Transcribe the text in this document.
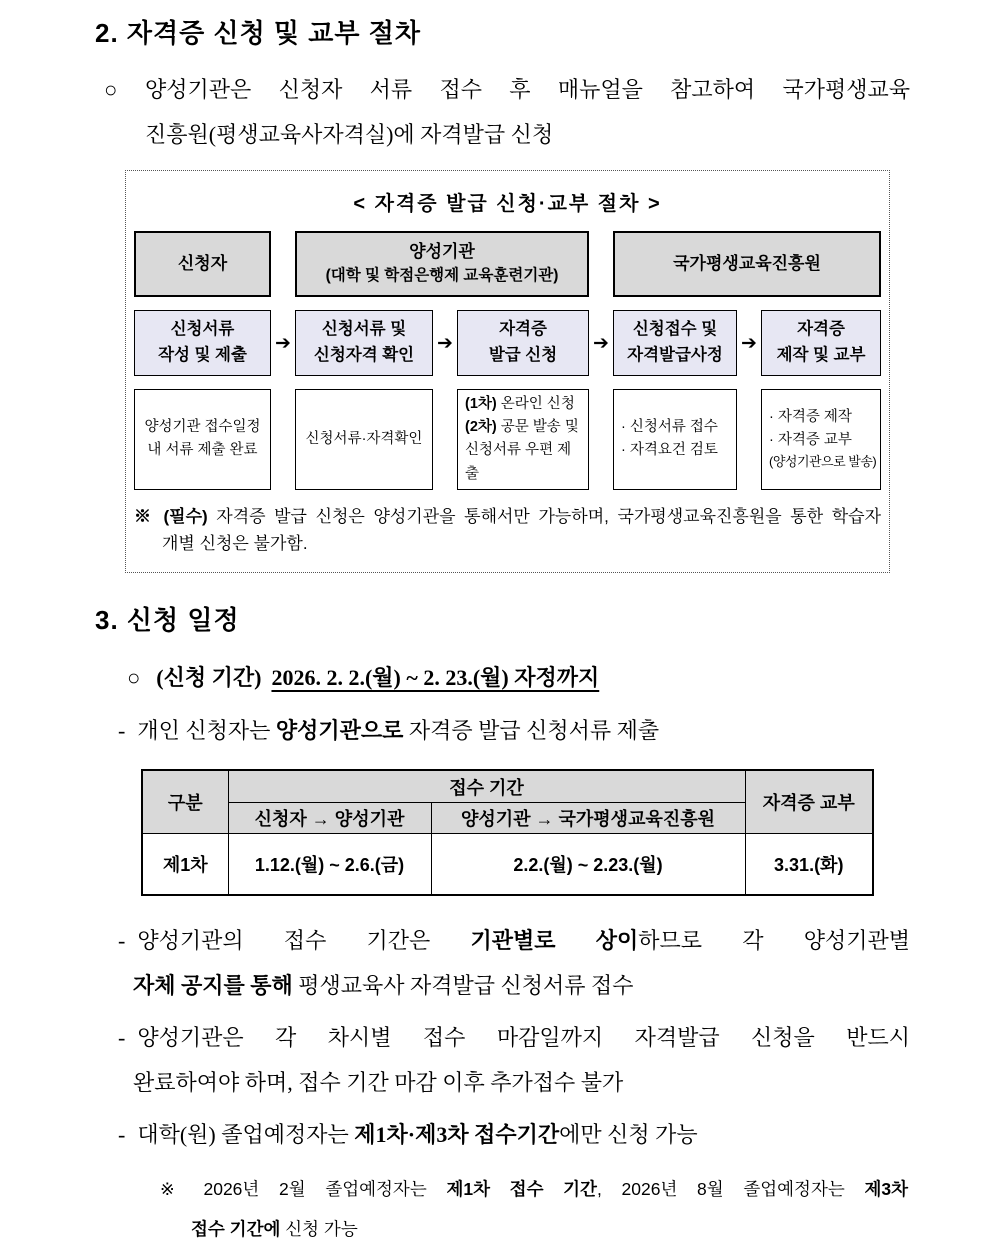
2. 자격증 신청 및 교부 절차
○	양성기관은 신청자 서류 접수 후 매뉴얼을 참고하여 국가평생교육
진흥원(평생교육사자격실)에 자격발급 신청
< 자격증 발급 신청·교부 절차 >
신청자
양성기관
(대학 및 학점은행제 교육훈련기관)
국가평생교육진흥원
신청서류
작성 및 제출
➔
신청서류 및
신청자격 확인
➔
자격증
발급 신청
➔
신청접수 및
자격발급사정
➔
자격증
제작 및 교부
양성기관 접수일정
내 서류 제출 완료
신청서류·자격확인
(1차) 온라인 신청
(2차) 공문 발송 및
신청서류 우편 제출
· 신청서류 접수
· 자격요건 검토
· 자격증 제작
· 자격증 교부
(양성기관으로 발송)
※ (필수) 자격증 발급 신청은 양성기관을 통해서만 가능하며, 국가평생교육진흥원을 통한 학습자
개별 신청은 불가함.
3. 신청 일정
○ (신청 기간) 2026. 2. 2.(월) ~ 2. 23.(월) 자정까지
- 개인 신청자는 양성기관으로 자격증 발급 신청서류 제출
구분	접수 기간		자격증 교부
	신청자 → 양성기관	양성기관 → 국가평생교육진흥원	
제1차	1.12.(월) ~ 2.6.(금)	2.2.(월) ~ 2.23.(월)	3.31.(화)
- 양성기관의 접수 기간은 기관별로 상이하므로 각 양성기관별
자체 공지를 통해 평생교육사 자격발급 신청서류 접수
- 양성기관은 각 차시별 접수 마감일까지 자격발급 신청을 반드시
완료하여야 하며, 접수 기간 마감 이후 추가접수 불가
- 대학(원) 졸업예정자는 제1차·제3차 접수기간에만 신청 가능
※ 2026년 2월 졸업예정자는 제1차 접수 기간, 2026년 8월 졸업예정자는 제3차
접수 기간에 신청 가능
